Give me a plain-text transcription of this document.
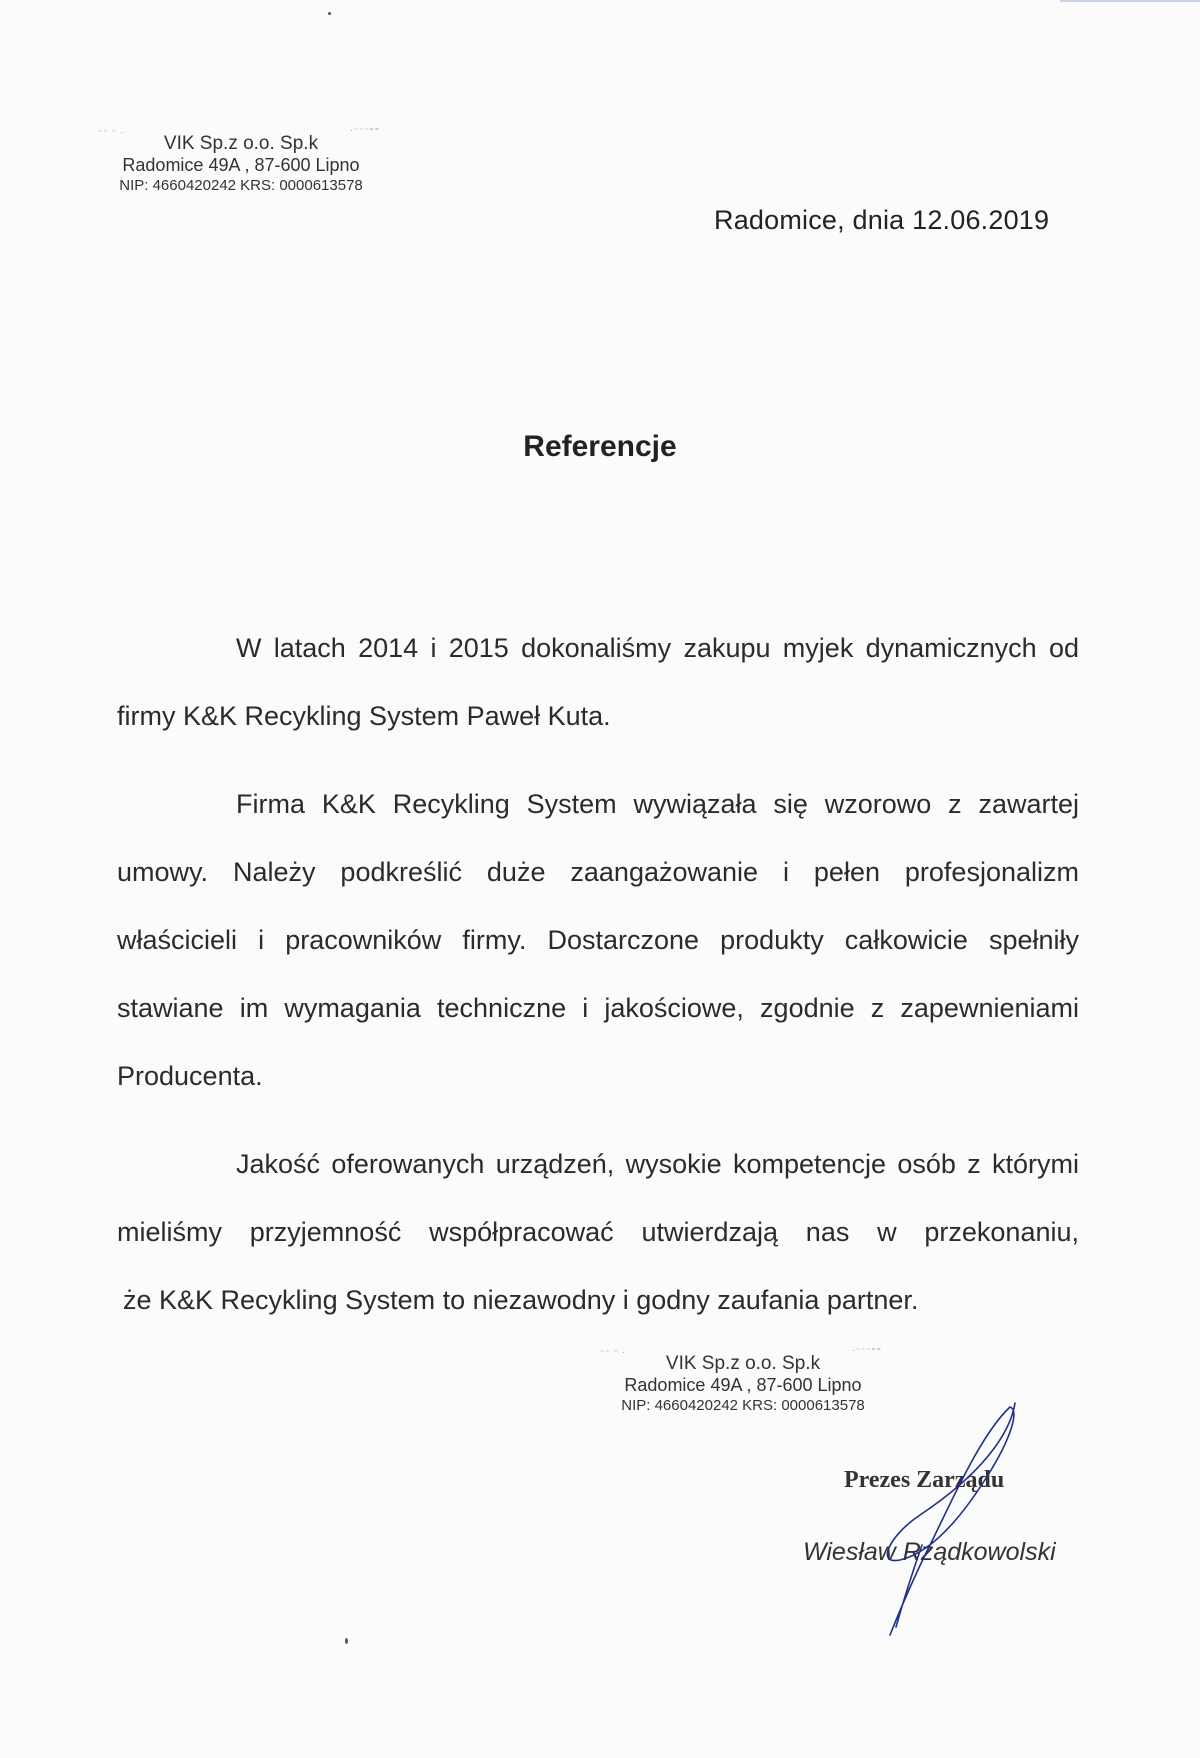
⁻⁻ ⁻ ·	·⁻⁻⁻⁼⁼
VIK Sp.z o.o. Sp.k
Radomice 49A , 87-600 Lipno
NIP: 4660420242 KRS: 0000613578
Radomice, dnia 12.06.2019
Referencje

W latach 2014 i 2015 dokonaliśmy zakupu myjek dynamicznych od firmy K&K Recykling System Paweł Kuta.

Firma K&K Recykling System wywiązała się wzorowo z zawartej umowy. Należy podkreślić duże zaangażowanie i pełen profesjonalizm właścicieli i pracowników firmy. Dostarczone produkty całkowicie spełniły stawiane im wymagania techniczne i jakościowe, zgodnie z zapewnieniami Producenta.

Jakość oferowanych urządzeń, wysokie kompetencje osób z którymi mieliśmy przyjemność współpracować utwierdzają nas w przekonaniu,

że K&K Recykling System to niezawodny i godny zaufania partner.

⁻⁻ ⁻ ·	·⁻⁻⁻⁼⁼
VIK Sp.z o.o. Sp.k
Radomice 49A , 87-600 Lipno
NIP: 4660420242 KRS: 0000613578
Prezes Zarządu
Wiesław Rządkowolski
